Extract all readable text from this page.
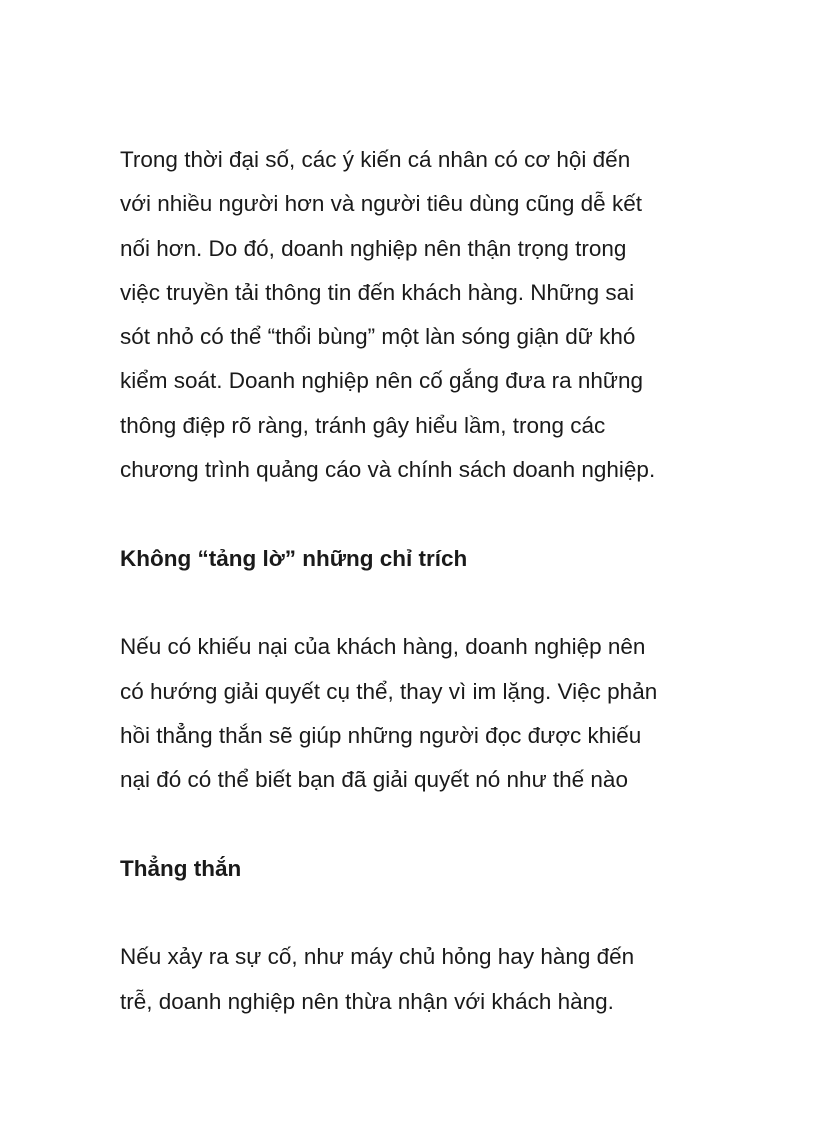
Trong thời đại số, các ý kiến cá nhân có cơ hội đến
với nhiều người hơn và người tiêu dùng cũng dễ kết
nối hơn. Do đó, doanh nghiệp nên thận trọng trong
việc truyền tải thông tin đến khách hàng. Những sai
sót nhỏ có thể “thổi bùng” một làn sóng giận dữ khó
kiểm soát. Doanh nghiệp nên cố gắng đưa ra những
thông điệp rõ ràng, tránh gây hiểu lầm, trong các
chương trình quảng cáo và chính sách doanh nghiệp.
Không “tảng lờ” những chỉ trích
Nếu có khiếu nại của khách hàng, doanh nghiệp nên
có hướng giải quyết cụ thể, thay vì im lặng. Việc phản
hồi thẳng thắn sẽ giúp những người đọc được khiếu
nại đó có thể biết bạn đã giải quyết nó như thế nào
Thẳng thắn
Nếu xảy ra sự cố, như máy chủ hỏng hay hàng đến
trễ, doanh nghiệp nên thừa nhận với khách hàng.
